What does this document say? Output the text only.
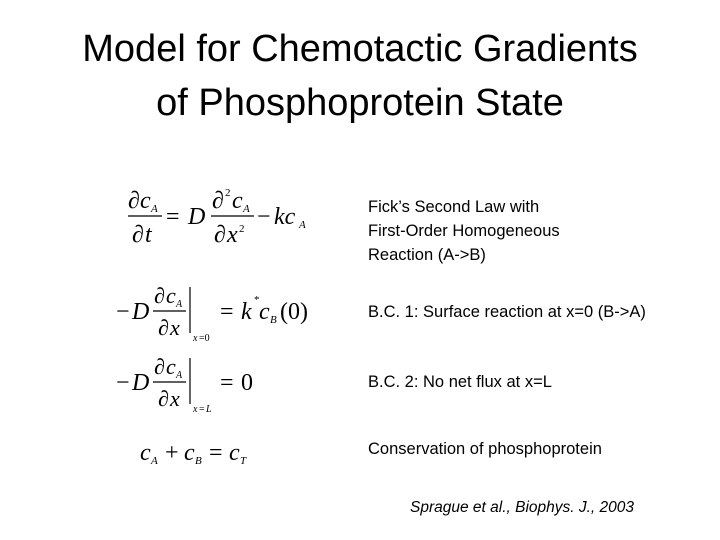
Model for Chemotactic Gradients
of Phosphoprotein State
∂ c A
∂ t
= D
∂ 2 c A
∂ x 2 − kc A
Fick’s Second Law with
First-Order Homogeneous
Reaction (A->B)
− D
∂ c A
∂ x x =0
= k * c B (0)	B.C. 1: Surface reaction at x=0 (B->A)
− D
∂ c A
∂ x x = L
= 0	B.C. 2: No net flux at x=L
c A + c B = c T
Conservation of phosphoprotein
Sprague et al., Biophys. J., 2003
